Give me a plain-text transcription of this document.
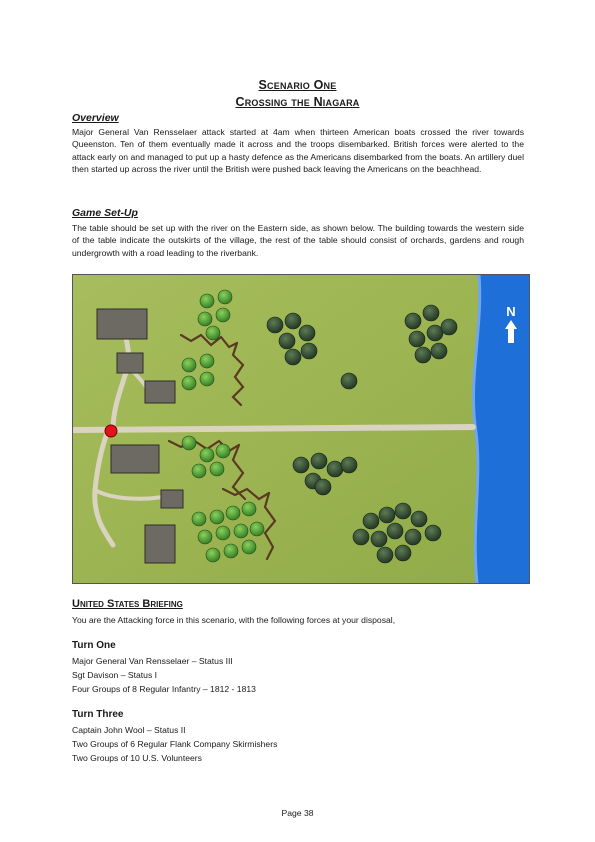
Scenario One
Crossing the Niagara
Overview
Major General Van Rensselaer attack started at 4am when thirteen American boats crossed the river towards Queenston. Ten of them eventually made it across and the troops disembarked. British forces were alerted to the attack early on and managed to put up a hasty defence as the Americans disembarked from the boats. An artillery duel then started up across the river until the British were pushed back leaving the Americans on the beachhead.
Game Set-Up
The table should be set up with the river on the Eastern side, as shown below. The building towards the western side of the table indicate the outskirts of the village, the rest of the table should consist of orchards, gardens and rough undergrowth with a road leading to the riverbank.
N
United States Briefing
You are the Attacking force in this scenario, with the following forces at your disposal,
Turn One
Major General Van Rensselaer – Status III
Sgt Davison – Status I
Four Groups of 8 Regular Infantry – 1812 - 1813
Turn Three
Captain John Wool – Status II
Two Groups of 6 Regular Flank Company Skirmishers
Two Groups of 10 U.S. Volunteers
Page 38
